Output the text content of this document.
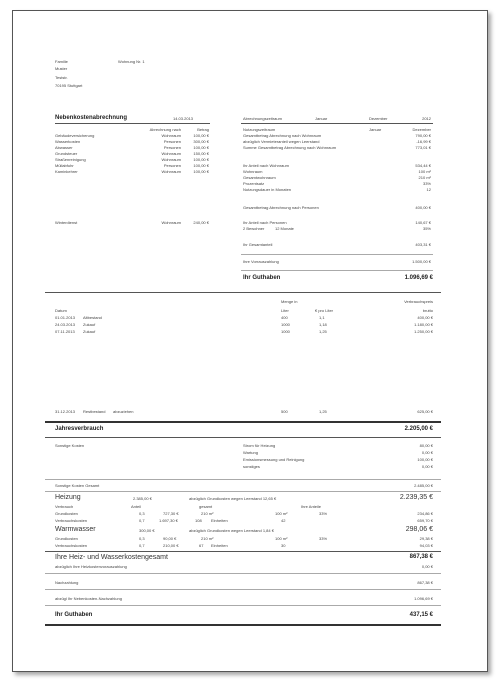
Familie	Wohnung Nr. 1
Muster
Teststr.
70195 Stuttgart
Nebenkostenabrechnung	14.03.2013	Abrechnungszeitraum	Januar	Dezember	2012
Abrechnung nach	Betrag
Gebäudeversicherung	Wohnraum	100,00 €
Wasserkosten	Personen	300,00 €
Abwasser	Personen	100,00 €
Grundsteuer	Wohnraum	150,00 €
Straßenreinigung	Wohnraum	100,00 €
Müllabfuhr	Personen	100,00 €
Kaminkehrer	Wohnraum	100,00 €
Winterdienst	Wohnraum	240,00 €
Nutzungszeitraum	Januar	Dezember
Gesamtbetrag Abrechnung nach Wohnraum	790,00 €
abzüglich Vermieteranteil wegen Leerstand	-16,99 €
Summe Gesamtbetrag Abrechnung nach Wohnraum	773,01 €
Ihr Anteil nach Wohnraum	534,44 €
Wohnraum	100 m²
Gesamtwohnraum	210 m²
Prozentsatz	33%
Nutzungsdauer in Monaten	12
Gesamtbetrag Abrechnung nach Personen	400,00 €
Ihr Anteil nach Personen	140,67 €
2 Bewohner	12 Monate	35%
Ihr Gesamtanteil	403,31 €
Ihre Vorrauszahlung	1.500,00 €
Ihr Guthaben	1.096,69 €
Menge in	Verbrauchspreis
Datum	Liter	€ pro Liter	brutto
01.01.2013 Altbestand	400	1,1	400,00 €
24.03.2013 Zukauf	1000	1,18	1.180,00 €
07.11.2013 Zukauf	1000	1,25	1.250,00 €
31.12.2013 Restbestand abzuziehen	500	1,25	625,00 €
Jahresverbrauch	2.205,00 €
Sonstige Kosten	Strom für Heizung	80,00 €
Wartung	0,00 €
Emissionsmessung und Reinigung	100,00 €
sonstiges	0,00 €
Sonstige Kosten Gesamt	2.485,00 €
Heizung	2.385,00 €	abzüglich Grundkosten wegen Leerstand 12,65 €	2.239,35 €
Verbrauch	Anteil	gesamt	Ihre Anteile
Grundkosten	0,3	727,30 €	210 m²	100 m²	33%	234,86 €
Verbrauchskosten	0,7	1.697,30 €	108 Einheiten	42	659,70 €
Warmwasser	300,00 €	abzüglich Grundkosten wegen Leerstand 1,84 €	298,06 €
Grundkosten	0,3	90,00 €	210 m²	100 m²	33%	29,38 €
Verbrauchskosten	0,7	210,00 €	67 Einheiten	30	94,03 €
Ihre Heiz- und Wasserkostengesamt	867,38 €
abzüglich Ihre Heizkostenvorauszahlung	0,00 €
Nachzahlung	867,38 €
abzügl Ihr Nebenkosten-Nachzahlung	1.096,69 €
Ihr Guthaben	437,15 €
